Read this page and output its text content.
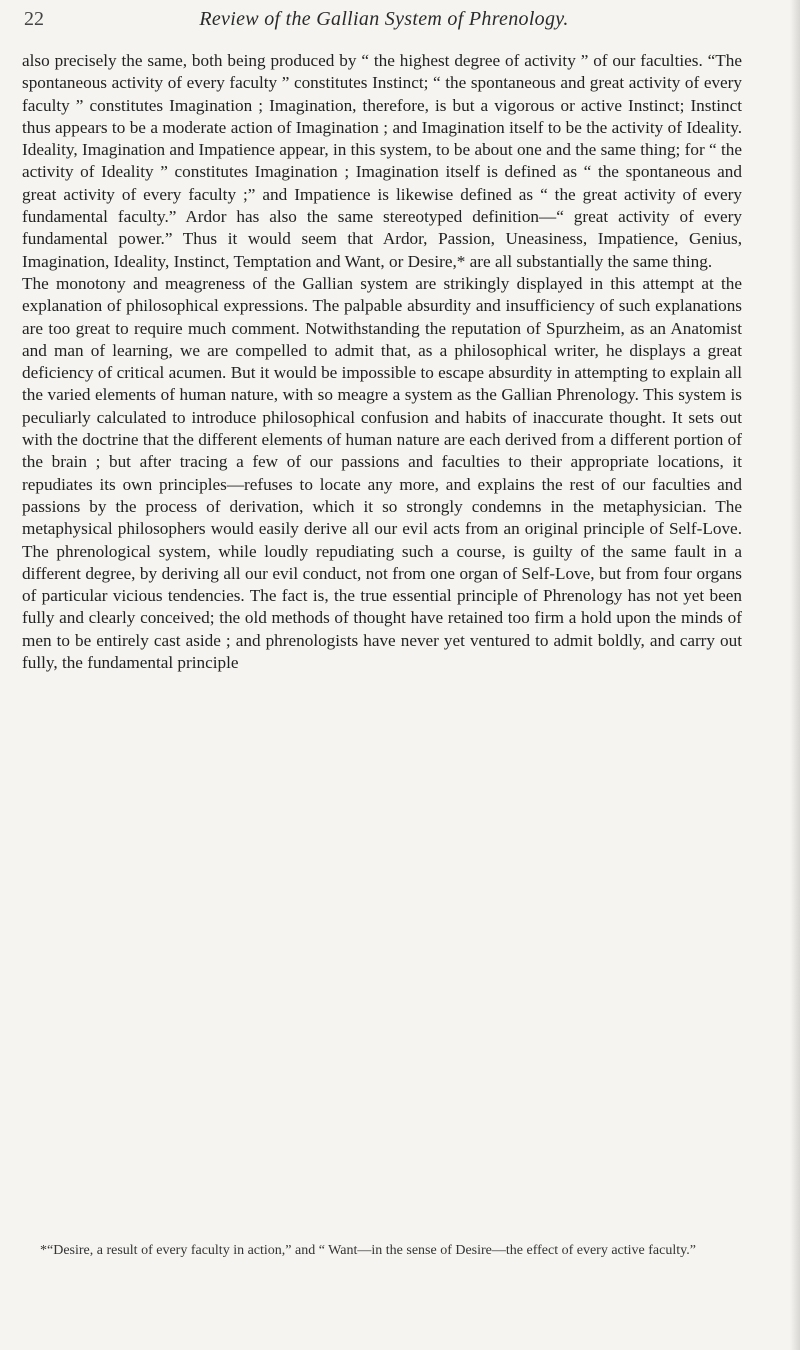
22	Review of the Gallian System of Phrenology.

also precisely the same, both being produced by “ the highest degree of activity ” of our faculties. “The spontaneous activity of every faculty ” constitutes Instinct; “ the spontaneous and great activity of every faculty ” constitutes Imagination ; Imagination, therefore, is but a vigorous or active Instinct; Instinct thus appears to be a moderate action of Imagination ; and Imagination itself to be the activity of Ideality. Ideality, Imagination and Impatience appear, in this system, to be about one and the same thing; for “ the activity of Ideality ” constitutes Imagination ; Imagination itself is defined as “ the spontaneous and great activity of every faculty ;” and Impatience is likewise defined as “ the great activity of every fundamental faculty.” Ardor has also the same stereotyped definition—“ great activity of every fundamental power.” Thus it would seem that Ardor, Passion, Uneasiness, Impatience, Genius, Imagination, Ideality, Instinct, Temptation and Want, or Desire,* are all substantially the same thing.

The monotony and meagreness of the Gallian system are strikingly displayed in this attempt at the explanation of philosophical expressions. The palpable absurdity and insufficiency of such explanations are too great to require much comment. Notwithstanding the reputation of Spurzheim, as an Anatomist and man of learning, we are compelled to admit that, as a philosophical writer, he displays a great deficiency of critical acumen. But it would be impossible to escape absurdity in attempting to explain all the varied elements of human nature, with so meagre a system as the Gallian Phrenology. This system is peculiarly calculated to introduce philosophical confusion and habits of inaccurate thought. It sets out with the doctrine that the different elements of human nature are each derived from a different portion of the brain ; but after tracing a few of our passions and faculties to their appropriate locations, it repudiates its own principles—refuses to locate any more, and explains the rest of our faculties and passions by the process of derivation, which it so strongly condemns in the metaphysician. The metaphysical philosophers would easily derive all our evil acts from an original principle of Self-Love. The phrenological system, while loudly repudiating such a course, is guilty of the same fault in a different degree, by deriving all our evil conduct, not from one organ of Self-Love, but from four organs of particular vicious tendencies. The fact is, the true essential principle of Phrenology has not yet been fully and clearly conceived; the old methods of thought have retained too firm a hold upon the minds of men to be entirely cast aside ; and phrenologists have never yet ventured to admit boldly, and carry out fully, the fundamental principle

*“Desire, a result of every faculty in action,” and “ Want—in the sense of Desire—the effect of every active faculty.”
